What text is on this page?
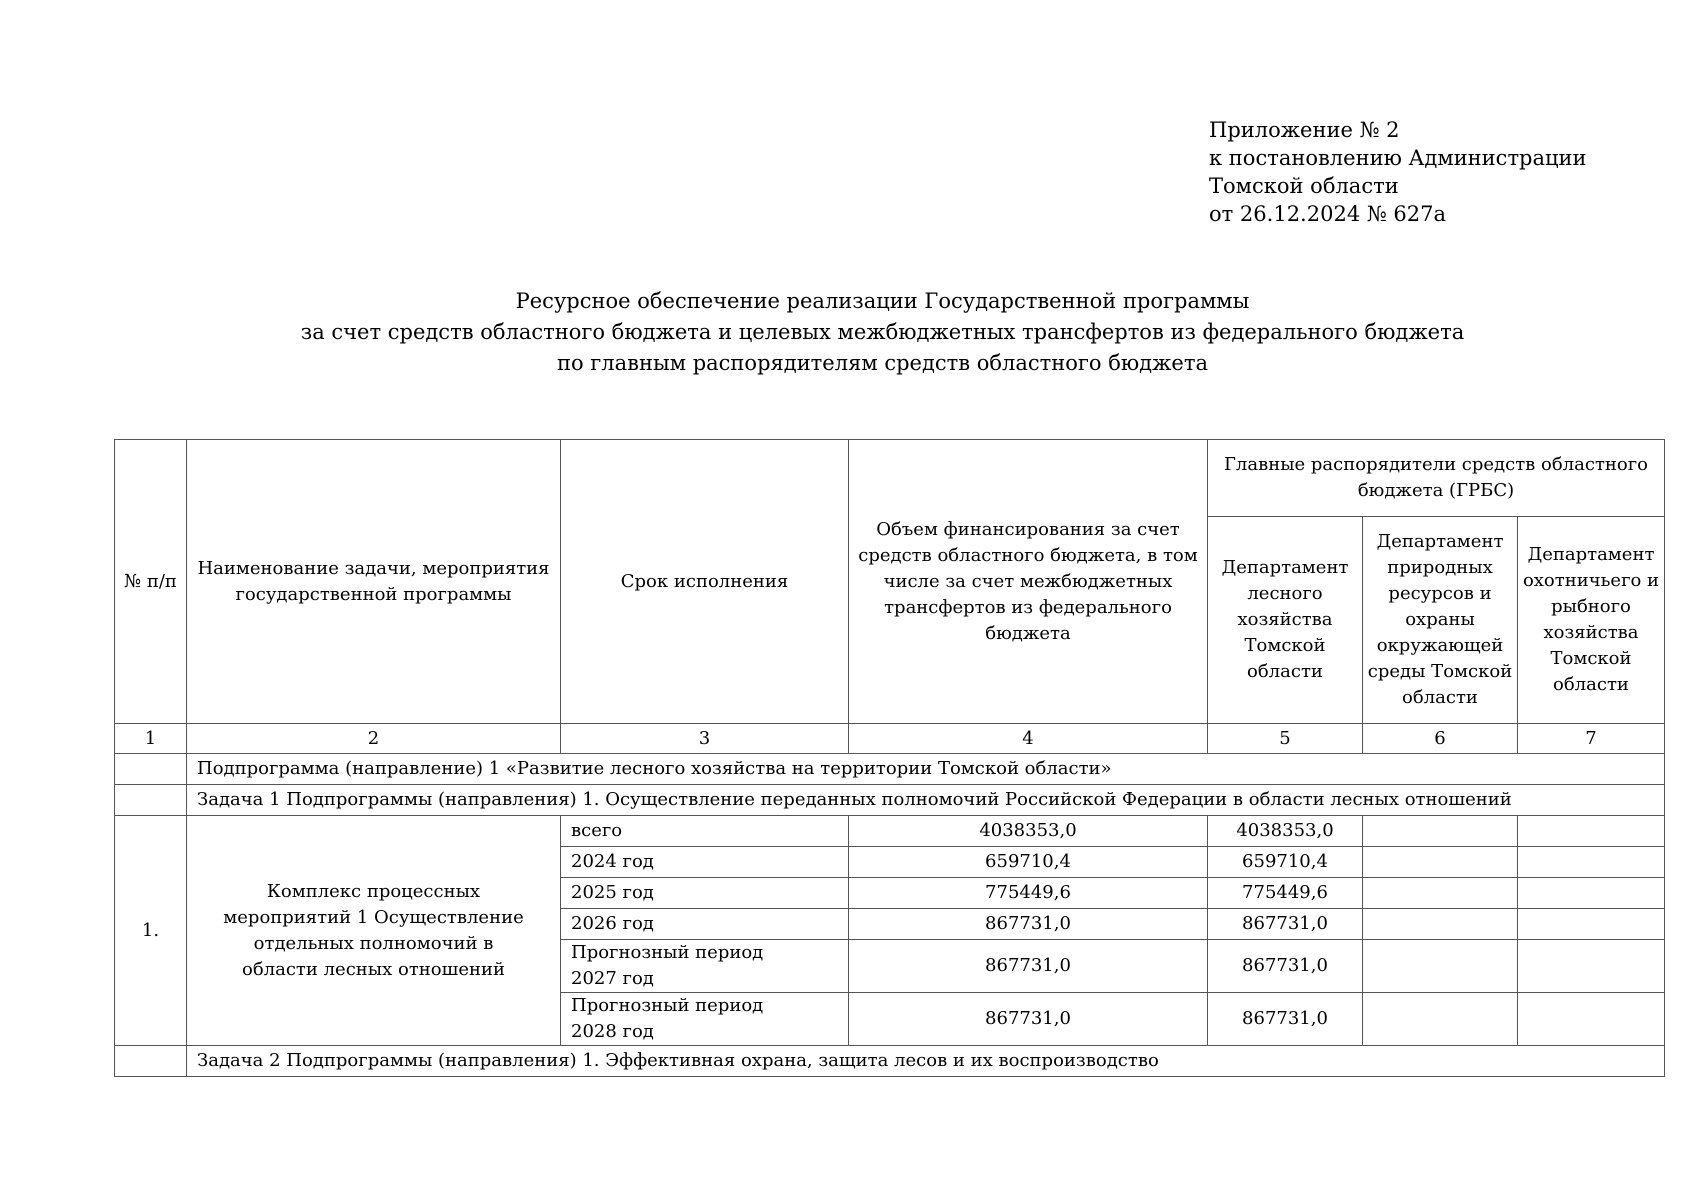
Приложение № 2
к постановлению Администрации
Томской области
от 26.12.2024 № 627а
Ресурсное обеспечение реализации Государственной программы
за счет средств областного бюджета и целевых межбюджетных трансфертов из федерального бюджета
по главным распорядителям средств областного бюджета
№ п/п	Наименование задачи, мероприятия государственной программы	Срок исполнения	Объем финансирования за счет средств областного бюджета, в том числе за счет межбюджетных трансфертов из федерального бюджета	Главные распорядители средств областного бюджета (ГРБС)		
				Департамент лесного хозяйства Томской области	Департамент природных ресурсов и охраны окружающей среды Томской области	Департамент охотничьего и рыбного хозяйства Томской области
1	2	3	4	5	6	7
	Подпрограмма (направление) 1 «Развитие лесного хозяйства на территории Томской области»					
	Задача 1 Подпрограммы (направления) 1. Осуществление переданных полномочий Российской Федерации в области лесных отношений					
1.	Комплекс процессных мероприятий 1 Осуществление отдельных полномочий в области лесных отношений	всего	4038353,0	4038353,0		
		2024 год	659710,4	659710,4		
		2025 год	775449,6	775449,6		
		2026 год	867731,0	867731,0		
		Прогнозный период 2027 год	867731,0	867731,0		
		Прогнозный период 2028 год	867731,0	867731,0		
	Задача 2 Подпрограммы (направления) 1. Эффективная охрана, защита лесов и их воспроизводство					
